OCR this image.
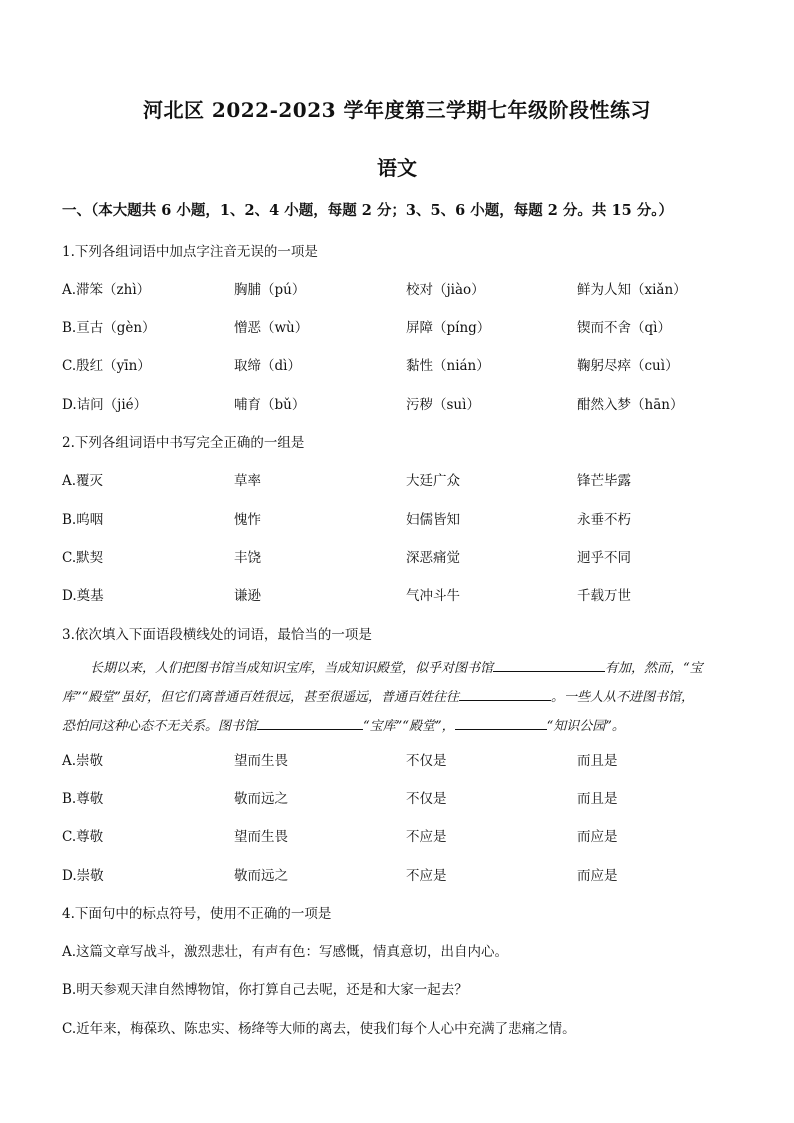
河北区 2022-2023 学年度第三学期七年级阶段性练习
语文
一、（本大题共 6 小题，1、2、4 小题，每题 2 分；3、5、6 小题，每题 2 分。共 15 分。）
1.下列各组词语中加点字注音无误的一项是
A.滞笨（zhì）	胸脯（pú）	校对（jiào）	鲜为人知（xiǎn）
B.亘古（gèn）	憎恶（wù）	屏障（píng）	锲而不舍（qì）
C.殷红（yīn）	取缔（dì）	黏性（nián）	鞠躬尽瘁（cuì）
D.诘问（jié）	哺育（bǔ）	污秽（suì）	酣然入梦（hān）
2.下列各组词语中书写完全正确的一组是
A.覆灭	草率	大廷广众	锋芒毕露
B.呜咽	愧怍	妇儒皆知	永垂不朽
C.默契	丰饶	深恶痛觉	迥乎不同
D.奠基	谦逊	气冲斗牛	千载万世
3.依次填入下面语段横线处的词语，最恰当的一项是
长期以来，人们把图书馆当成知识宝库，当成知识殿堂，似乎对图书馆	有加，然而，“宝
库”“殿堂”虽好，但它们离普通百姓很远，甚至很遥远，普通百姓往往	。一些人从不进图书馆，
恐怕同这种心态不无关系。图书馆	“宝库”“殿堂”，	“知识公园”。
A.崇敬	望而生畏	不仅是	而且是
B.尊敬	敬而远之	不仅是	而且是
C.尊敬	望而生畏	不应是	而应是
D.崇敬	敬而远之	不应是	而应是
4.下面句中的标点符号，使用不正确的一项是
A.这篇文章写战斗，激烈悲壮，有声有色：写感慨，情真意切，出自内心。
B.明天参观天津自然博物馆，你打算自己去呢，还是和大家一起去？
C.近年来，梅葆玖、陈忠实、杨绛等大师的离去，使我们每个人心中充满了悲痛之情。
